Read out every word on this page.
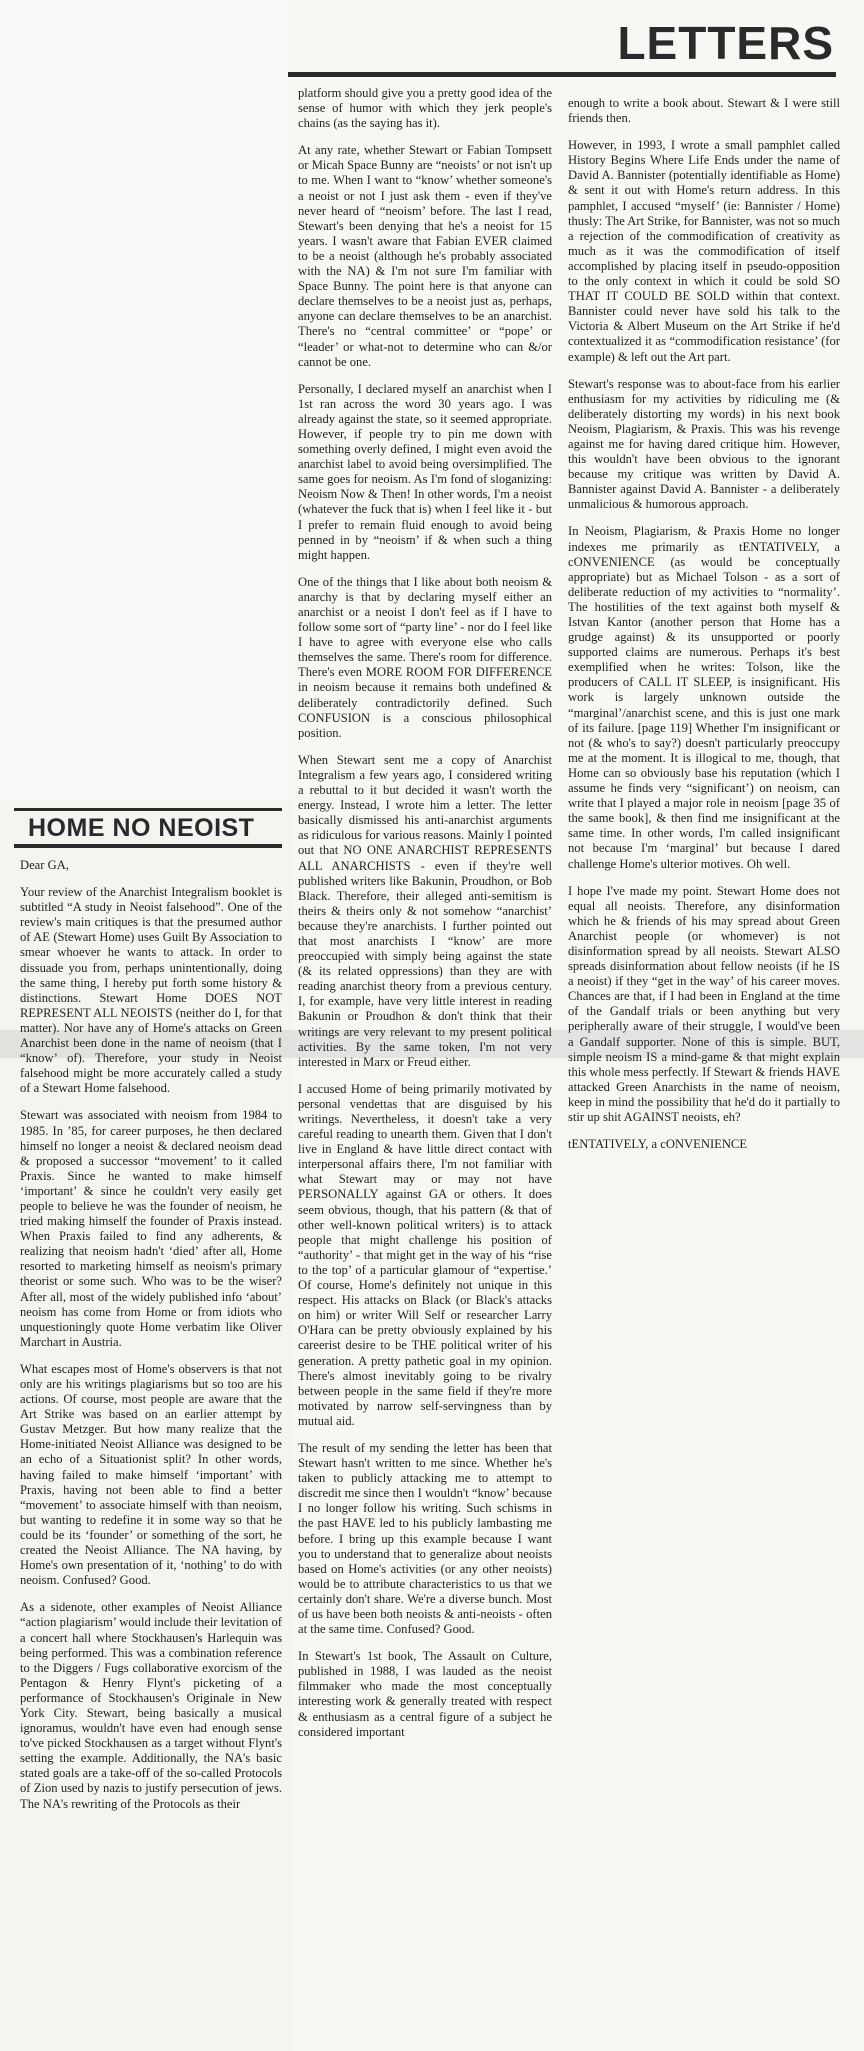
LETTERS
HOME NO NEOIST

Dear GA,

Your review of the Anarchist Integralism booklet is subtitled “A study in Neoist falsehood”. One of the review's main critiques is that the presumed author of AE (Stewart Home) uses Guilt By Association to smear whoever he wants to attack. In order to dissuade you from, perhaps unintentionally, doing the same thing, I hereby put forth some history & distinctions. Stewart Home DOES NOT REPRESENT ALL NEOISTS (neither do I, for that matter). Nor have any of Home's attacks on Green Anarchist been done in the name of neoism (that I “know’ of). Therefore, your study in Neoist falsehood might be more accurately called a study of a Stewart Home falsehood.

Stewart was associated with neoism from 1984 to 1985. In ’85, for career purposes, he then declared himself no longer a neoist & declared neoism dead & proposed a successor “movement’ to it called Praxis. Since he wanted to make himself ‘important’ & since he couldn't very easily get people to believe he was the founder of neoism, he tried making himself the founder of Praxis instead. When Praxis failed to find any adherents, & realizing that neoism hadn't ‘died’ after all, Home resorted to marketing himself as neoism's primary theorist or some such. Who was to be the wiser? After all, most of the widely published info ‘about’ neoism has come from Home or from idiots who unquestioningly quote Home verbatim like Oliver Marchart in Austria.

What escapes most of Home's observers is that not only are his writings plagiarisms but so too are his actions. Of course, most people are aware that the Art Strike was based on an earlier attempt by Gustav Metzger. But how many realize that the Home-initiated Neoist Alliance was designed to be an echo of a Situationist split? In other words, having failed to make himself ‘important’ with Praxis, having not been able to find a better “movement’ to associate himself with than neoism, but wanting to redefine it in some way so that he could be its ‘founder’ or something of the sort, he created the Neoist Alliance. The NA having, by Home's own presentation of it, ‘nothing’ to do with neoism. Confused? Good.

As a sidenote, other examples of Neoist Alliance “action plagiarism’ would include their levitation of a concert hall where Stockhausen's Harlequin was being performed. This was a combination reference to the Diggers / Fugs collaborative exorcism of the Pentagon & Henry Flynt's picketing of a performance of Stockhausen's Originale in New York City. Stewart, being basically a musical ignoramus, wouldn't have even had enough sense to've picked Stockhausen as a target without Flynt's setting the example. Additionally, the NA's basic stated goals are a take-off of the so-called Protocols of Zion used by nazis to justify persecution of jews. The NA's rewriting of the Protocols as their

platform should give you a pretty good idea of the sense of humor with which they jerk people's chains (as the saying has it).

At any rate, whether Stewart or Fabian Tompsett or Micah Space Bunny are “neoists’ or not isn't up to me. When I want to “know’ whether someone's a neoist or not I just ask them - even if they've never heard of “neoism’ before. The last I read, Stewart's been denying that he's a neoist for 15 years. I wasn't aware that Fabian EVER claimed to be a neoist (although he's probably associated with the NA) & I'm not sure I'm familiar with Space Bunny. The point here is that anyone can declare themselves to be a neoist just as, perhaps, anyone can declare themselves to be an anarchist. There's no “central committee’ or “pope’ or “leader’ or what-not to determine who can &/or cannot be one.

Personally, I declared myself an anarchist when I 1st ran across the word 30 years ago. I was already against the state, so it seemed appropriate. However, if people try to pin me down with something overly defined, I might even avoid the anarchist label to avoid being oversimplified. The same goes for neoism. As I'm fond of sloganizing: Neoism Now & Then! In other words, I'm a neoist (whatever the fuck that is) when I feel like it - but I prefer to remain fluid enough to avoid being penned in by “neoism’ if & when such a thing might happen.

One of the things that I like about both neoism & anarchy is that by declaring myself either an anarchist or a neoist I don't feel as if I have to follow some sort of “party line’ - nor do I feel like I have to agree with everyone else who calls themselves the same. There's room for difference. There's even MORE ROOM FOR DIFFERENCE in neoism because it remains both undefined & deliberately contradictorily defined. Such CONFUSION is a conscious philosophical position.

When Stewart sent me a copy of Anarchist Integralism a few years ago, I considered writing a rebuttal to it but decided it wasn't worth the energy. Instead, I wrote him a letter. The letter basically dismissed his anti-anarchist arguments as ridiculous for various reasons. Mainly I pointed out that NO ONE ANARCHIST REPRESENTS ALL ANARCHISTS - even if they're well published writers like Bakunin, Proudhon, or Bob Black. Therefore, their alleged anti-semitism is theirs & theirs only & not somehow “anarchist’ because they're anarchists. I further pointed out that most anarchists I “know’ are more preoccupied with simply being against the state (& its related oppressions) than they are with reading anarchist theory from a previous century. I, for example, have very little interest in reading Bakunin or Proudhon & don't think that their writings are very relevant to my present political activities. By the same token, I'm not very interested in Marx or Freud either.

I accused Home of being primarily motivated by personal vendettas that are disguised by his writings. Nevertheless, it doesn't take a very careful reading to unearth them. Given that I don't live in England & have little direct contact with interpersonal affairs there, I'm not familiar with what Stewart may or may not have PERSONALLY against GA or others. It does seem obvious, though, that his pattern (& that of other well-known political writers) is to attack people that might challenge his position of “authority’ - that might get in the way of his “rise to the top’ of a particular glamour of “expertise.’ Of course, Home's definitely not unique in this respect. His attacks on Black (or Black's attacks on him) or writer Will Self or researcher Larry O'Hara can be pretty obviously explained by his careerist desire to be THE political writer of his generation. A pretty pathetic goal in my opinion. There's almost inevitably going to be rivalry between people in the same field if they're more motivated by narrow self-servingness than by mutual aid.

The result of my sending the letter has been that Stewart hasn't written to me since. Whether he's taken to publicly attacking me to attempt to discredit me since then I wouldn't “know’ because I no longer follow his writing. Such schisms in the past HAVE led to his publicly lambasting me before. I bring up this example because I want you to understand that to generalize about neoists based on Home's activities (or any other neoists) would be to attribute characteristics to us that we certainly don't share. We're a diverse bunch. Most of us have been both neoists & anti-neoists - often at the same time. Confused? Good.

In Stewart's 1st book, The Assault on Culture, published in 1988, I was lauded as the neoist filmmaker who made the most conceptually interesting work & generally treated with respect & enthusiasm as a central figure of a subject he considered important

enough to write a book about. Stewart & I were still friends then.

However, in 1993, I wrote a small pamphlet called History Begins Where Life Ends under the name of David A. Bannister (potentially identifiable as Home) & sent it out with Home's return address. In this pamphlet, I accused “myself’ (ie: Bannister / Home) thusly: The Art Strike, for Bannister, was not so much a rejection of the commodification of creativity as much as it was the commodification of itself accomplished by placing itself in pseudo-opposition to the only context in which it could be sold SO THAT IT COULD BE SOLD within that context. Bannister could never have sold his talk to the Victoria & Albert Museum on the Art Strike if he'd contextualized it as “commodification resistance’ (for example) & left out the Art part.

Stewart's response was to about-face from his earlier enthusiasm for my activities by ridiculing me (& deliberately distorting my words) in his next book Neoism, Plagiarism, & Praxis. This was his revenge against me for having dared critique him. However, this wouldn't have been obvious to the ignorant because my critique was written by David A. Bannister against David A. Bannister - a deliberately unmalicious & humorous approach.

In Neoism, Plagiarism, & Praxis Home no longer indexes me primarily as tENTATIVELY, a cONVENIENCE (as would be conceptually appropriate) but as Michael Tolson - as a sort of deliberate reduction of my activities to “normality’. The hostilities of the text against both myself & Istvan Kantor (another person that Home has a grudge against) & its unsupported or poorly supported claims are numerous. Perhaps it's best exemplified when he writes: Tolson, like the producers of CALL IT SLEEP, is insignificant. His work is largely unknown outside the “marginal’/anarchist scene, and this is just one mark of its failure. [page 119] Whether I'm insignificant or not (& who's to say?) doesn't particularly preoccupy me at the moment. It is illogical to me, though, that Home can so obviously base his reputation (which I assume he finds very “significant’) on neoism, can write that I played a major role in neoism [page 35 of the same book], & then find me insignificant at the same time. In other words, I'm called insignificant not because I'm ‘marginal’ but because I dared challenge Home's ulterior motives. Oh well.

I hope I've made my point. Stewart Home does not equal all neoists. Therefore, any disinformation which he & friends of his may spread about Green Anarchist people (or whomever) is not disinformation spread by all neoists. Stewart ALSO spreads disinformation about fellow neoists (if he IS a neoist) if they “get in the way’ of his career moves. Chances are that, if I had been in England at the time of the Gandalf trials or been anything but very peripherally aware of their struggle, I would've been a Gandalf supporter. None of this is simple. BUT, simple neoism IS a mind-game & that might explain this whole mess perfectly. If Stewart & friends HAVE attacked Green Anarchists in the name of neoism, keep in mind the possibility that he'd do it partially to stir up shit AGAINST neoists, eh?

tENTATIVELY, a cONVENIENCE
